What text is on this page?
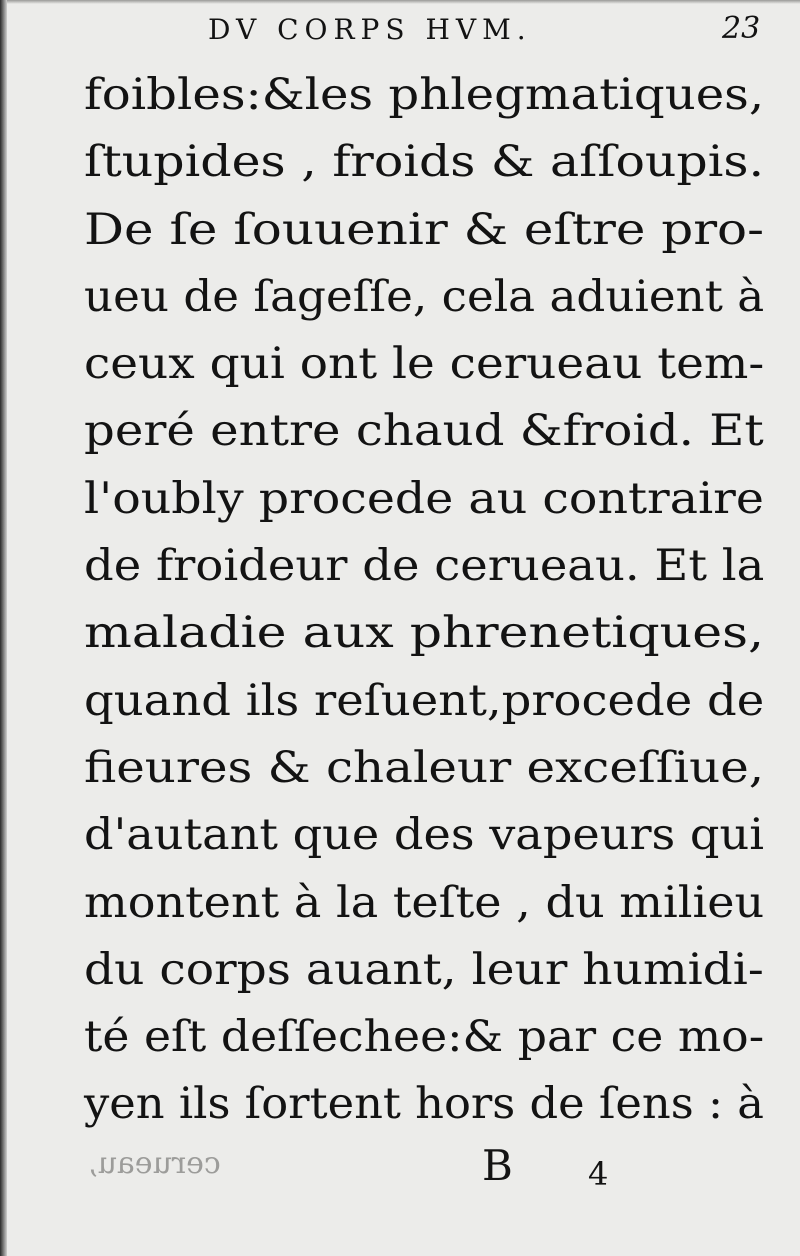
DV CORPS HVM.	23
foibles:&les phlegmatiques,
ſtupides , froids & aſſoupis.
De ſe ſouuenir & eſtre pro-
ueu de ſageſſe, cela aduient à
ceux qui ont le cerueau tem-
peré entre chaud &froid. Et
l'oubly procede au contraire
de froideur de cerueau. Et la
maladie aux phrenetiques,
quand ils reſuent,procede de
fieures & chaleur exceſſiue,
d'autant que des vapeurs qui
montent à la teſte , du milieu
du corps auant, leur humidi-
té eſt deſſechee:& par ce mo-
yen ils ſortent hors de ſens : à
cerueau,	B 4
